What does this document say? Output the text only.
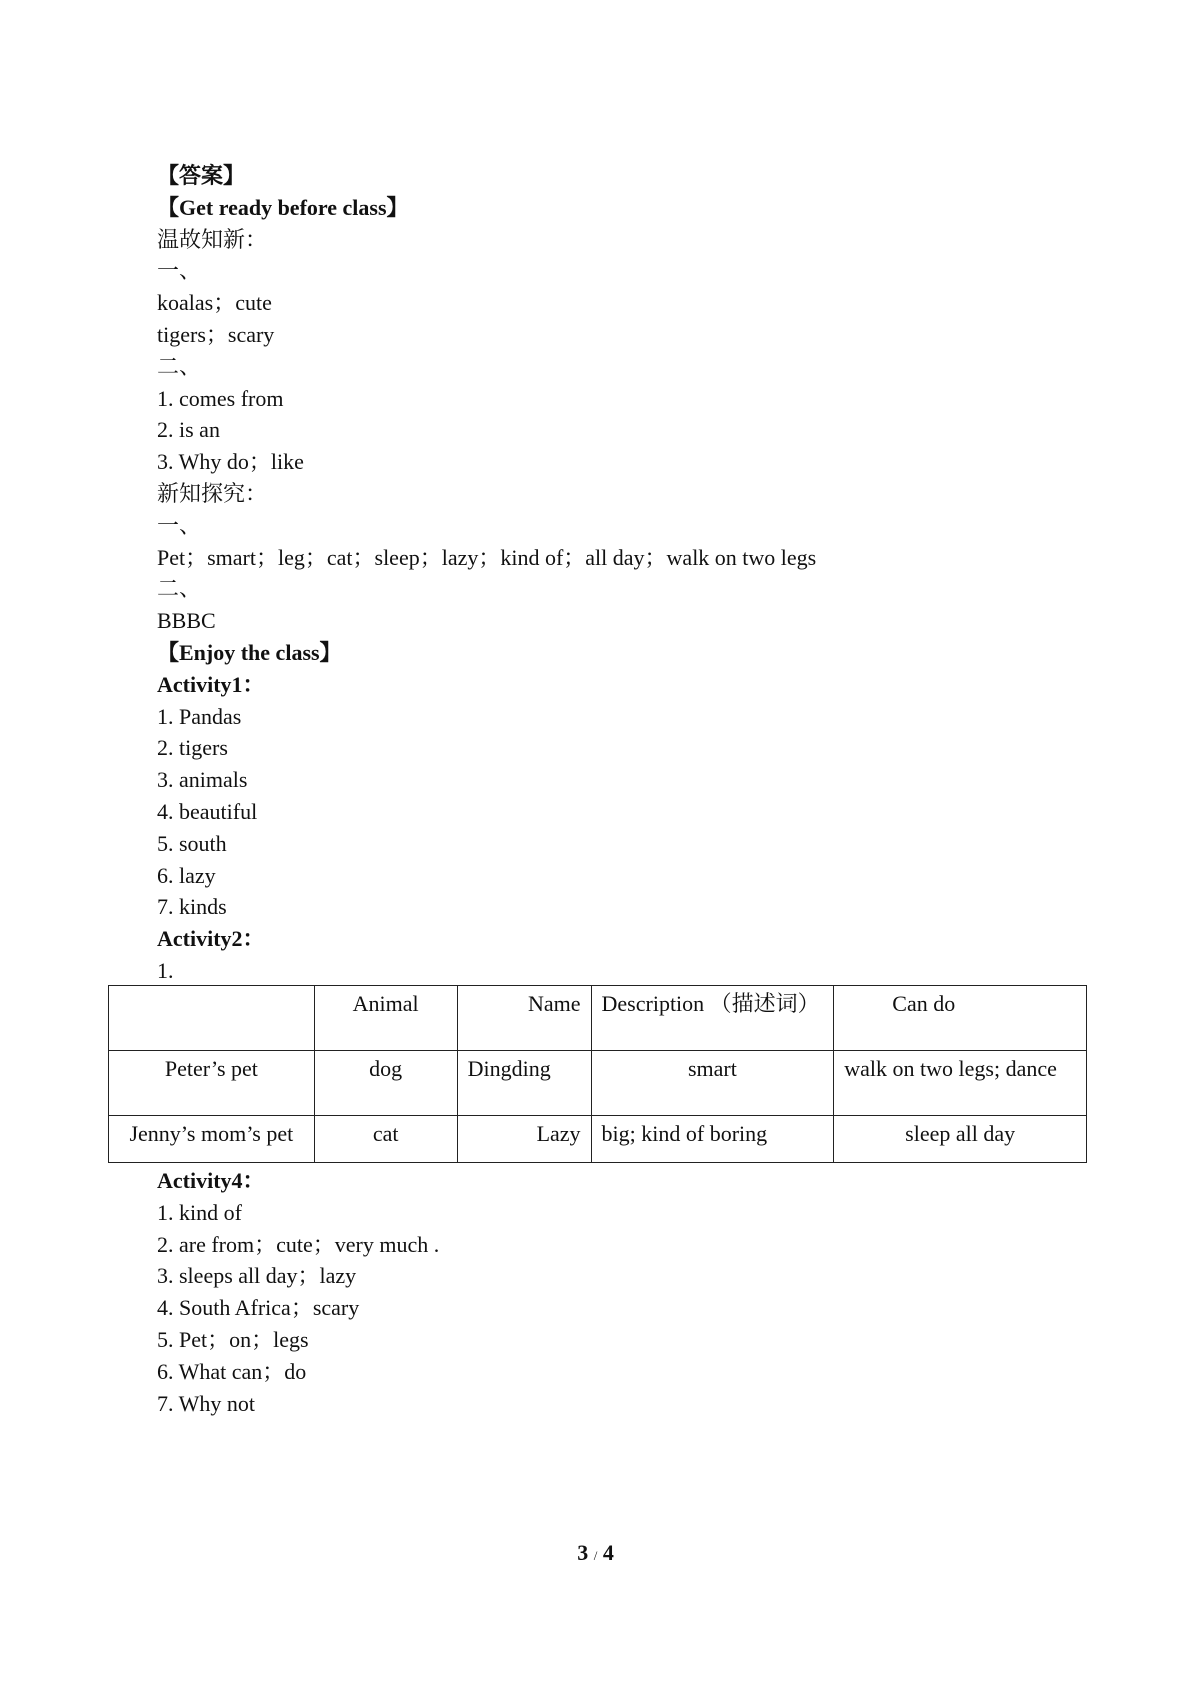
【答案】
【Get ready before class】
温故知新：
一、
koalas；cute
tigers；scary
二、
1. comes from
2. is an
3. Why do；like
新知探究：
一、
Pet；smart；leg；cat；sleep；lazy；kind of；all day；walk on two legs
二、
BBBC
【Enjoy the class】
Activity1：
1. Pandas
2. tigers
3. animals
4. beautiful
5. south
6. lazy
7. kinds
Activity2：
1.
	Animal	Name	Description （描述词）	Can do
Peter’s pet	dog	Dingding	smart	walk on two legs; dance
Jenny’s mom’s pet	cat	Lazy	big; kind of boring	sleep all day
Activity4：
1. kind of
2. are from；cute；very much .
3. sleeps all day；lazy
4. South Africa；scary
5. Pet；on；legs
6. What can；do
7. Why not
3 / 4
